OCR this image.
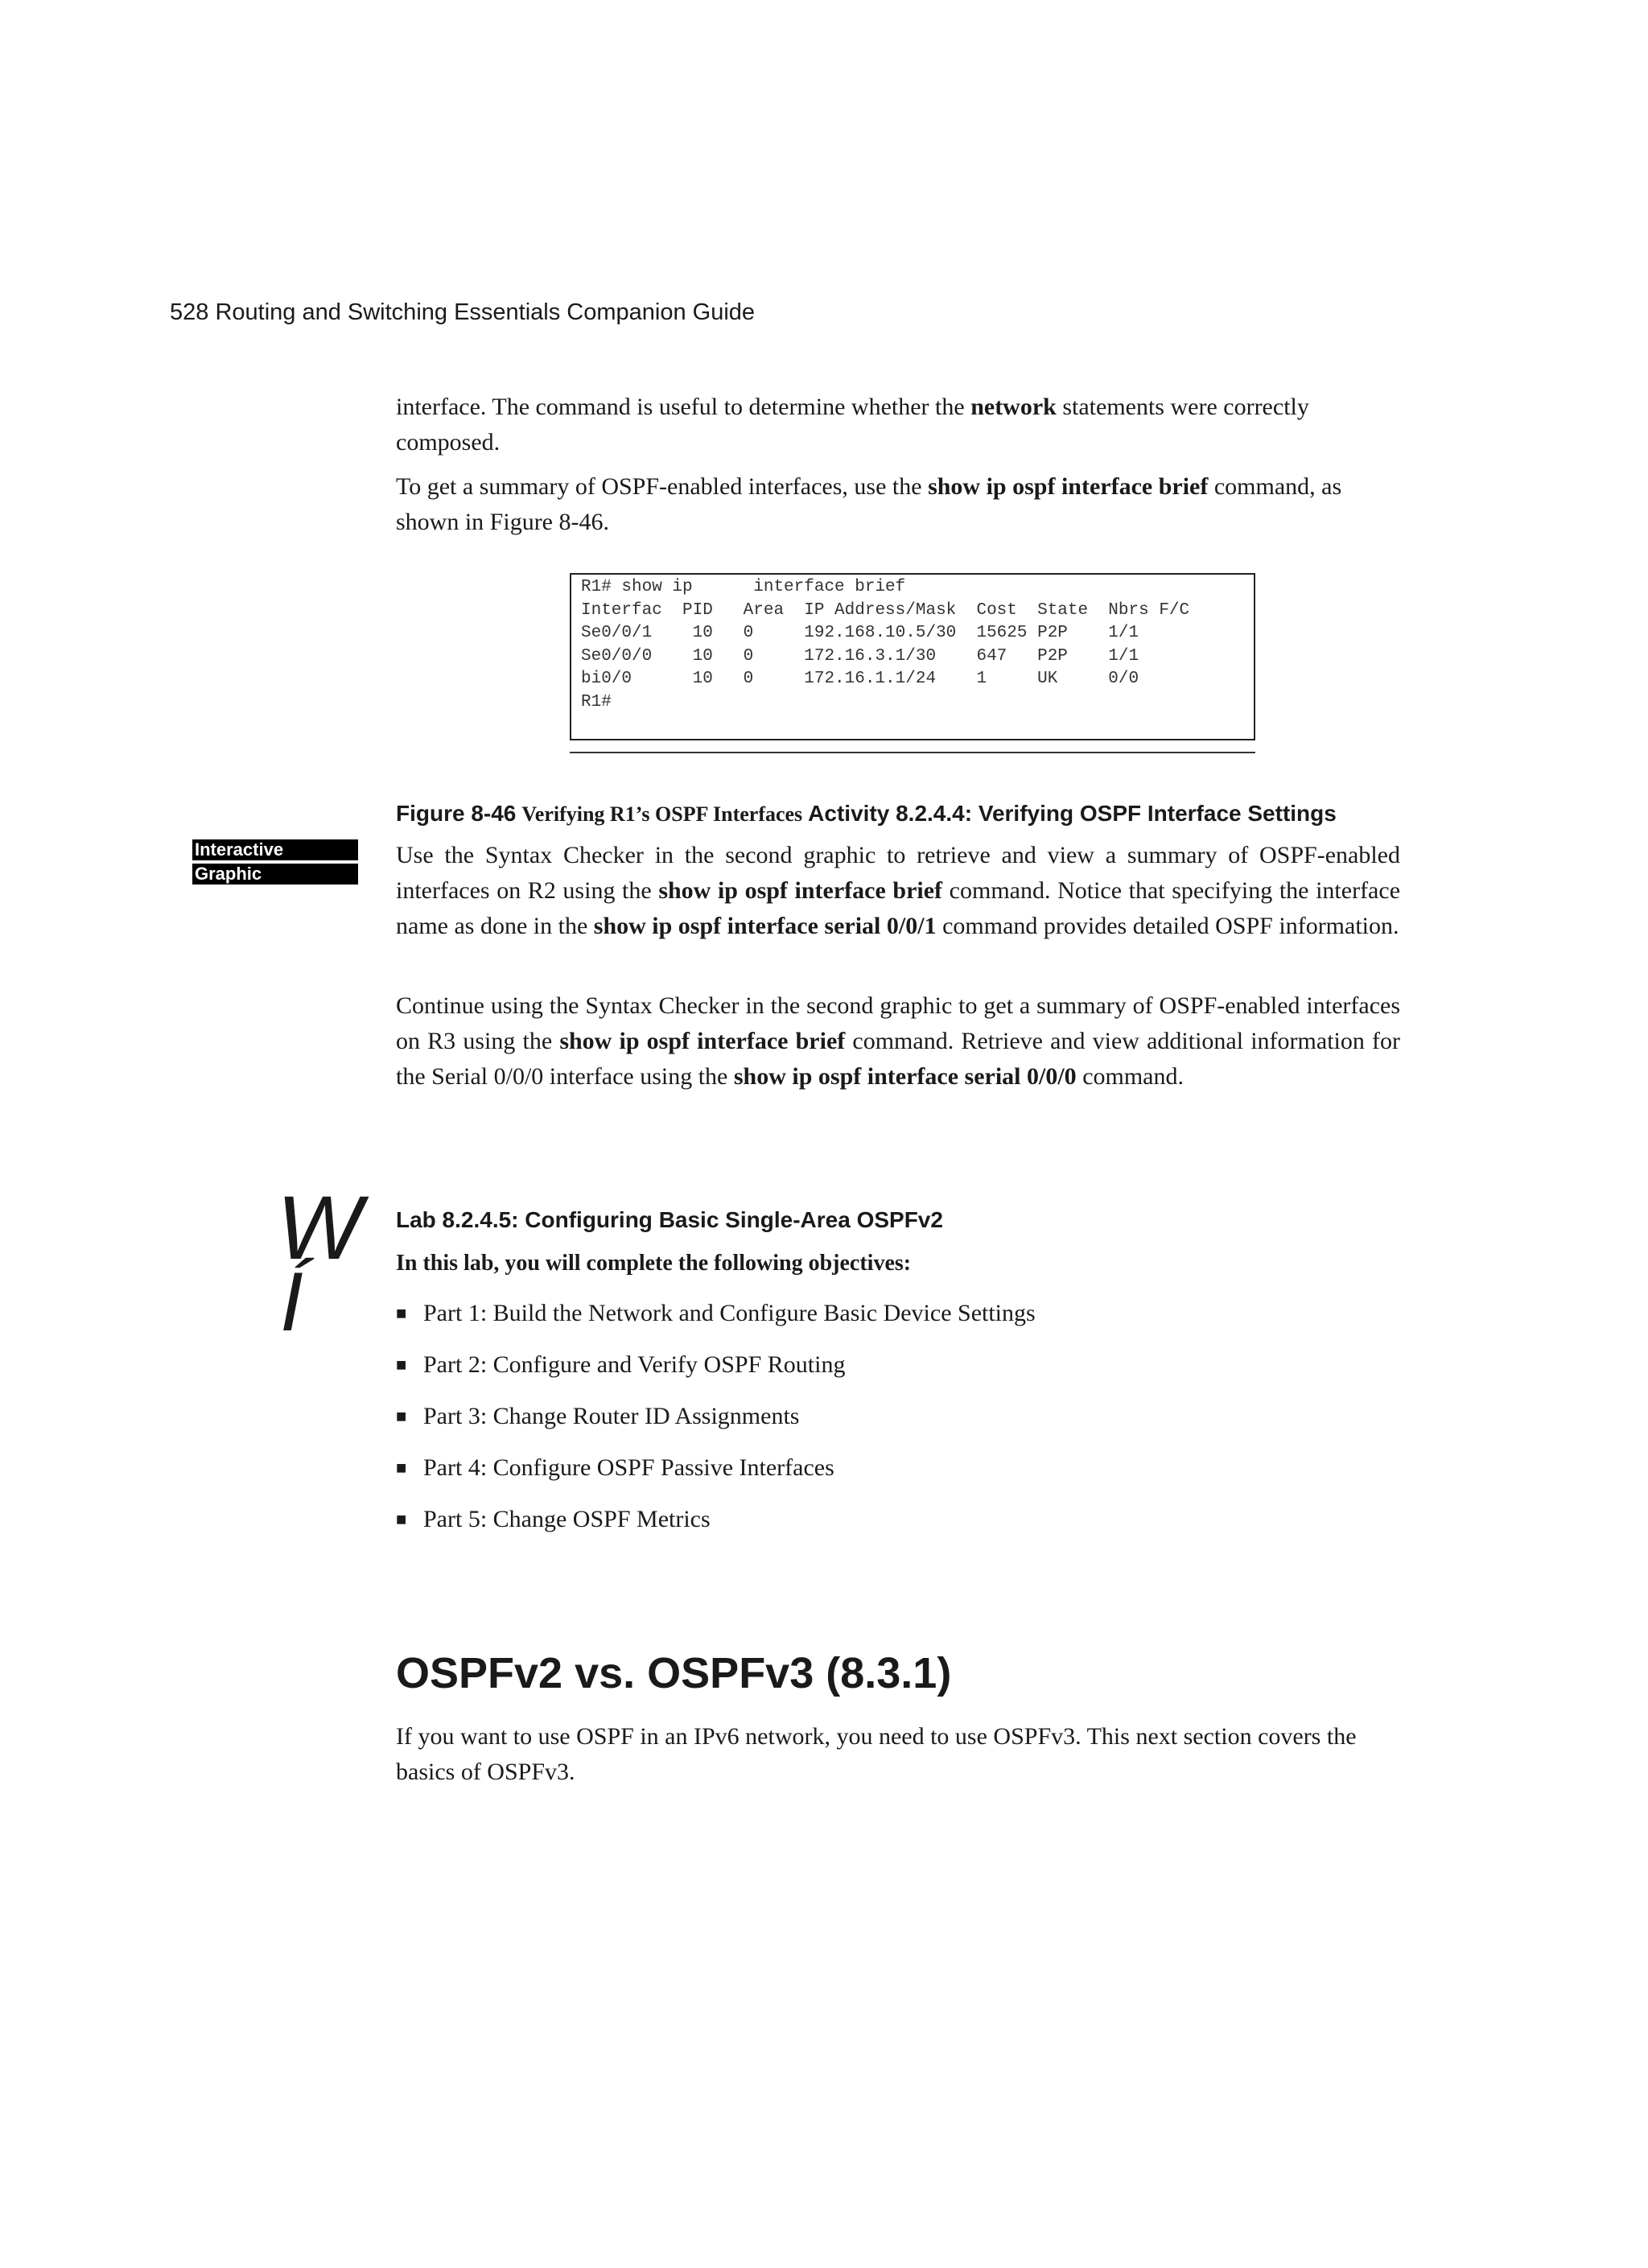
528 Routing and Switching Essentials Companion Guide

interface. The command is useful to determine whether the network statements were correctly composed.

To get a summary of OSPF-enabled interfaces, use the show ip ospf interface brief command, as shown in Figure 8-46.

R1# show ip      interface brief
Interfac  PID   Area  IP Address/Mask  Cost  State  Nbrs F/C
Se0/0/1    10   0     192.168.10.5/30  15625 P2P    1/1
Se0/0/0    10   0     172.16.3.1/30    647   P2P    1/1
bi0/0      10   0     172.16.1.1/24    1     UK     0/0
R1#
Figure 8-46 Verifying R1’s OSPF Interfaces Activity 8.2.4.4: Verifying OSPF Interface Settings
Interactive
Graphic

Use the Syntax Checker in the second graphic to retrieve and view a summary of OSPF-enabled interfaces on R2 using the show ip ospf interface brief command. Notice that specifying the interface name as done in the show ip ospf interface serial 0/0/1 command provides detailed OSPF information.

Continue using the Syntax Checker in the second graphic to get a summary of OSPF-enabled interfaces on R3 using the show ip ospf interface brief command. Retrieve and view additional information for the Serial 0/0/0 interface using the show ip ospf interface serial 0/0/0 command.

W
Í
Lab 8.2.4.5: Configuring Basic Single-Area OSPFv2
In this lab, you will complete the following objectives:
■ Part 1: Build the Network and Configure Basic Device Settings
■ Part 2: Configure and Verify OSPF Routing
■ Part 3: Change Router ID Assignments
■ Part 4: Configure OSPF Passive Interfaces
■ Part 5: Change OSPF Metrics
OSPFv2 vs. OSPFv3 (8.3.1)

If you want to use OSPF in an IPv6 network, you need to use OSPFv3. This next section covers the basics of OSPFv3.
